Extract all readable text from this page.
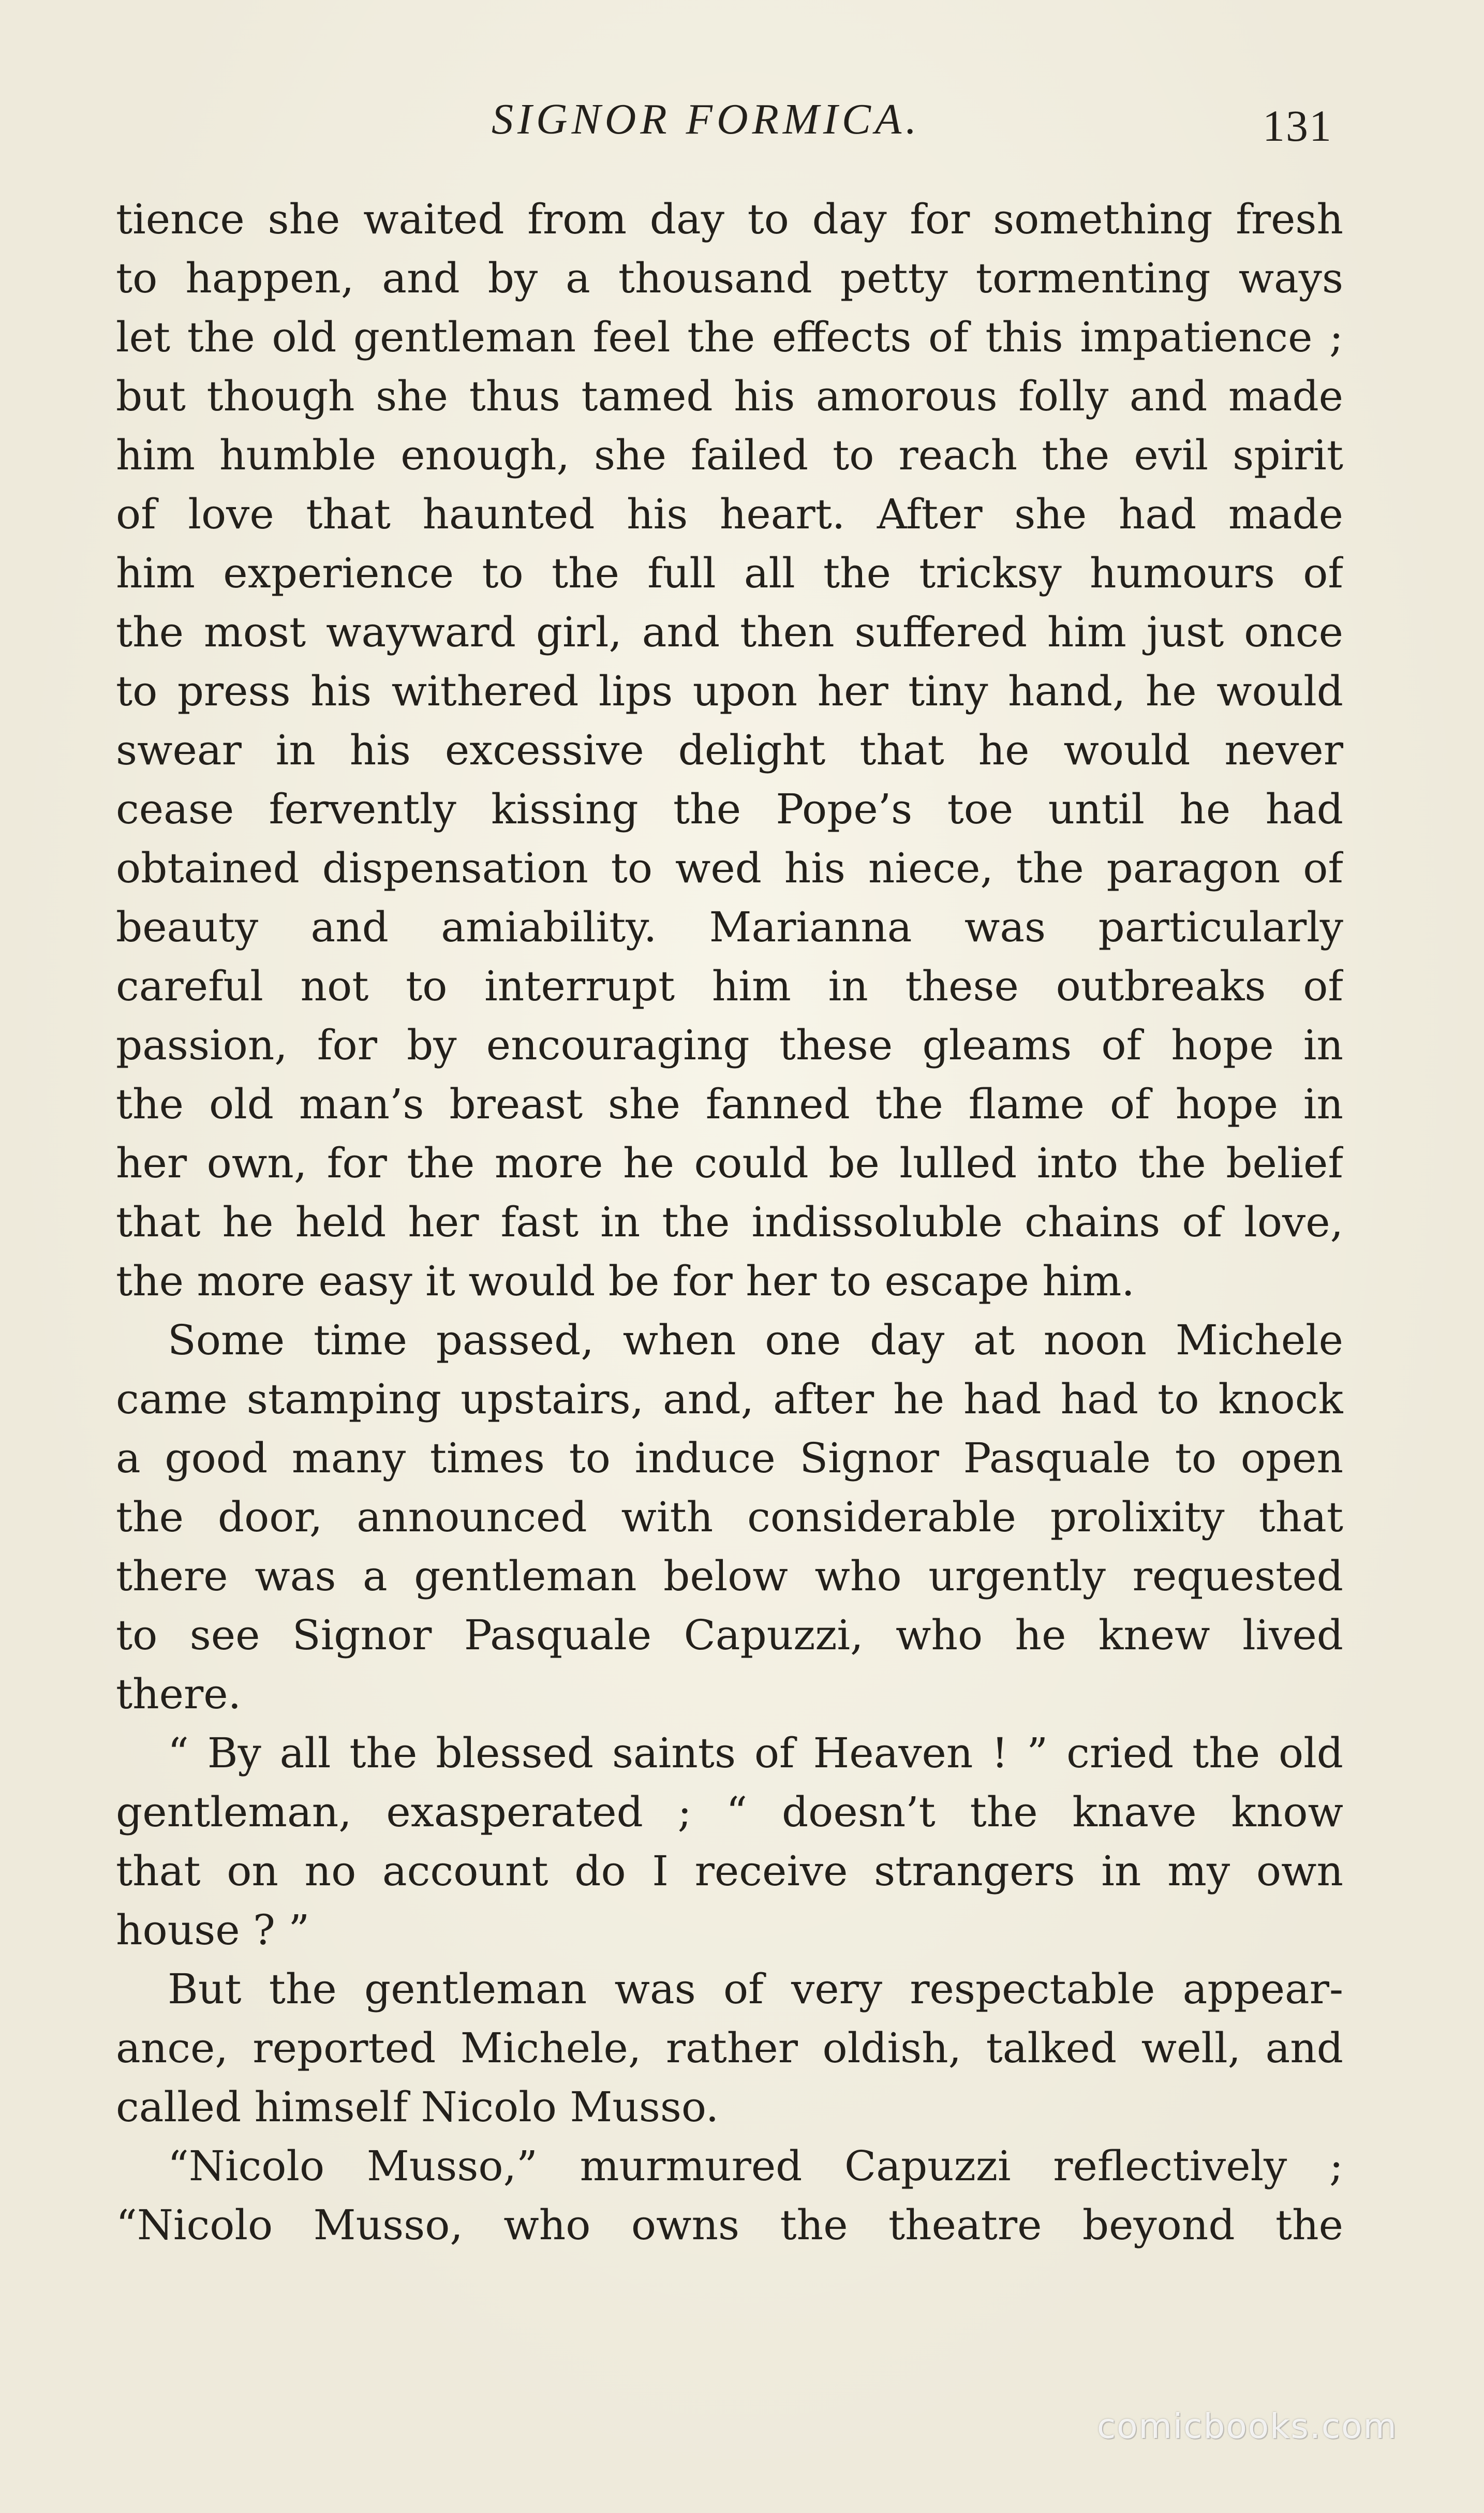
SIGNOR FORMICA.	131
tience she waited from day to day for something fresh
to happen, and by a thousand petty tormenting ways
let the old gentleman feel the effects of this impatience ;
but though she thus tamed his amorous folly and made
him humble enough, she failed to reach the evil spirit
of love that haunted his heart. After she had made
him experience to the full all the tricksy humours of
the most wayward girl, and then suffered him just once
to press his withered lips upon her tiny hand, he would
swear in his excessive delight that he would never
cease fervently kissing the Pope’s toe until he had
obtained dispensation to wed his niece, the paragon of
beauty and amiability. Marianna was particularly
careful not to interrupt him in these outbreaks of
passion, for by encouraging these gleams of hope in
the old man’s breast she fanned the flame of hope in
her own, for the more he could be lulled into the belief
that he held her fast in the indissoluble chains of love,
the more easy it would be for her to escape him.
Some time passed, when one day at noon Michele
came stamping upstairs, and, after he had had to knock
a good many times to induce Signor Pasquale to open
the door, announced with considerable prolixity that
there was a gentleman below who urgently requested
to see Signor Pasquale Capuzzi, who he knew lived
there.
“ By all the blessed saints of Heaven ! ” cried the old
gentleman, exasperated ; “ doesn’t the knave know
that on no account do I receive strangers in my own
house ? ”
But the gentleman was of very respectable appear-
ance, reported Michele, rather oldish, talked well, and
called himself Nicolo Musso.
“Nicolo Musso,” murmured Capuzzi reflectively ;
“Nicolo Musso, who owns the theatre beyond the
comicbooks.com
